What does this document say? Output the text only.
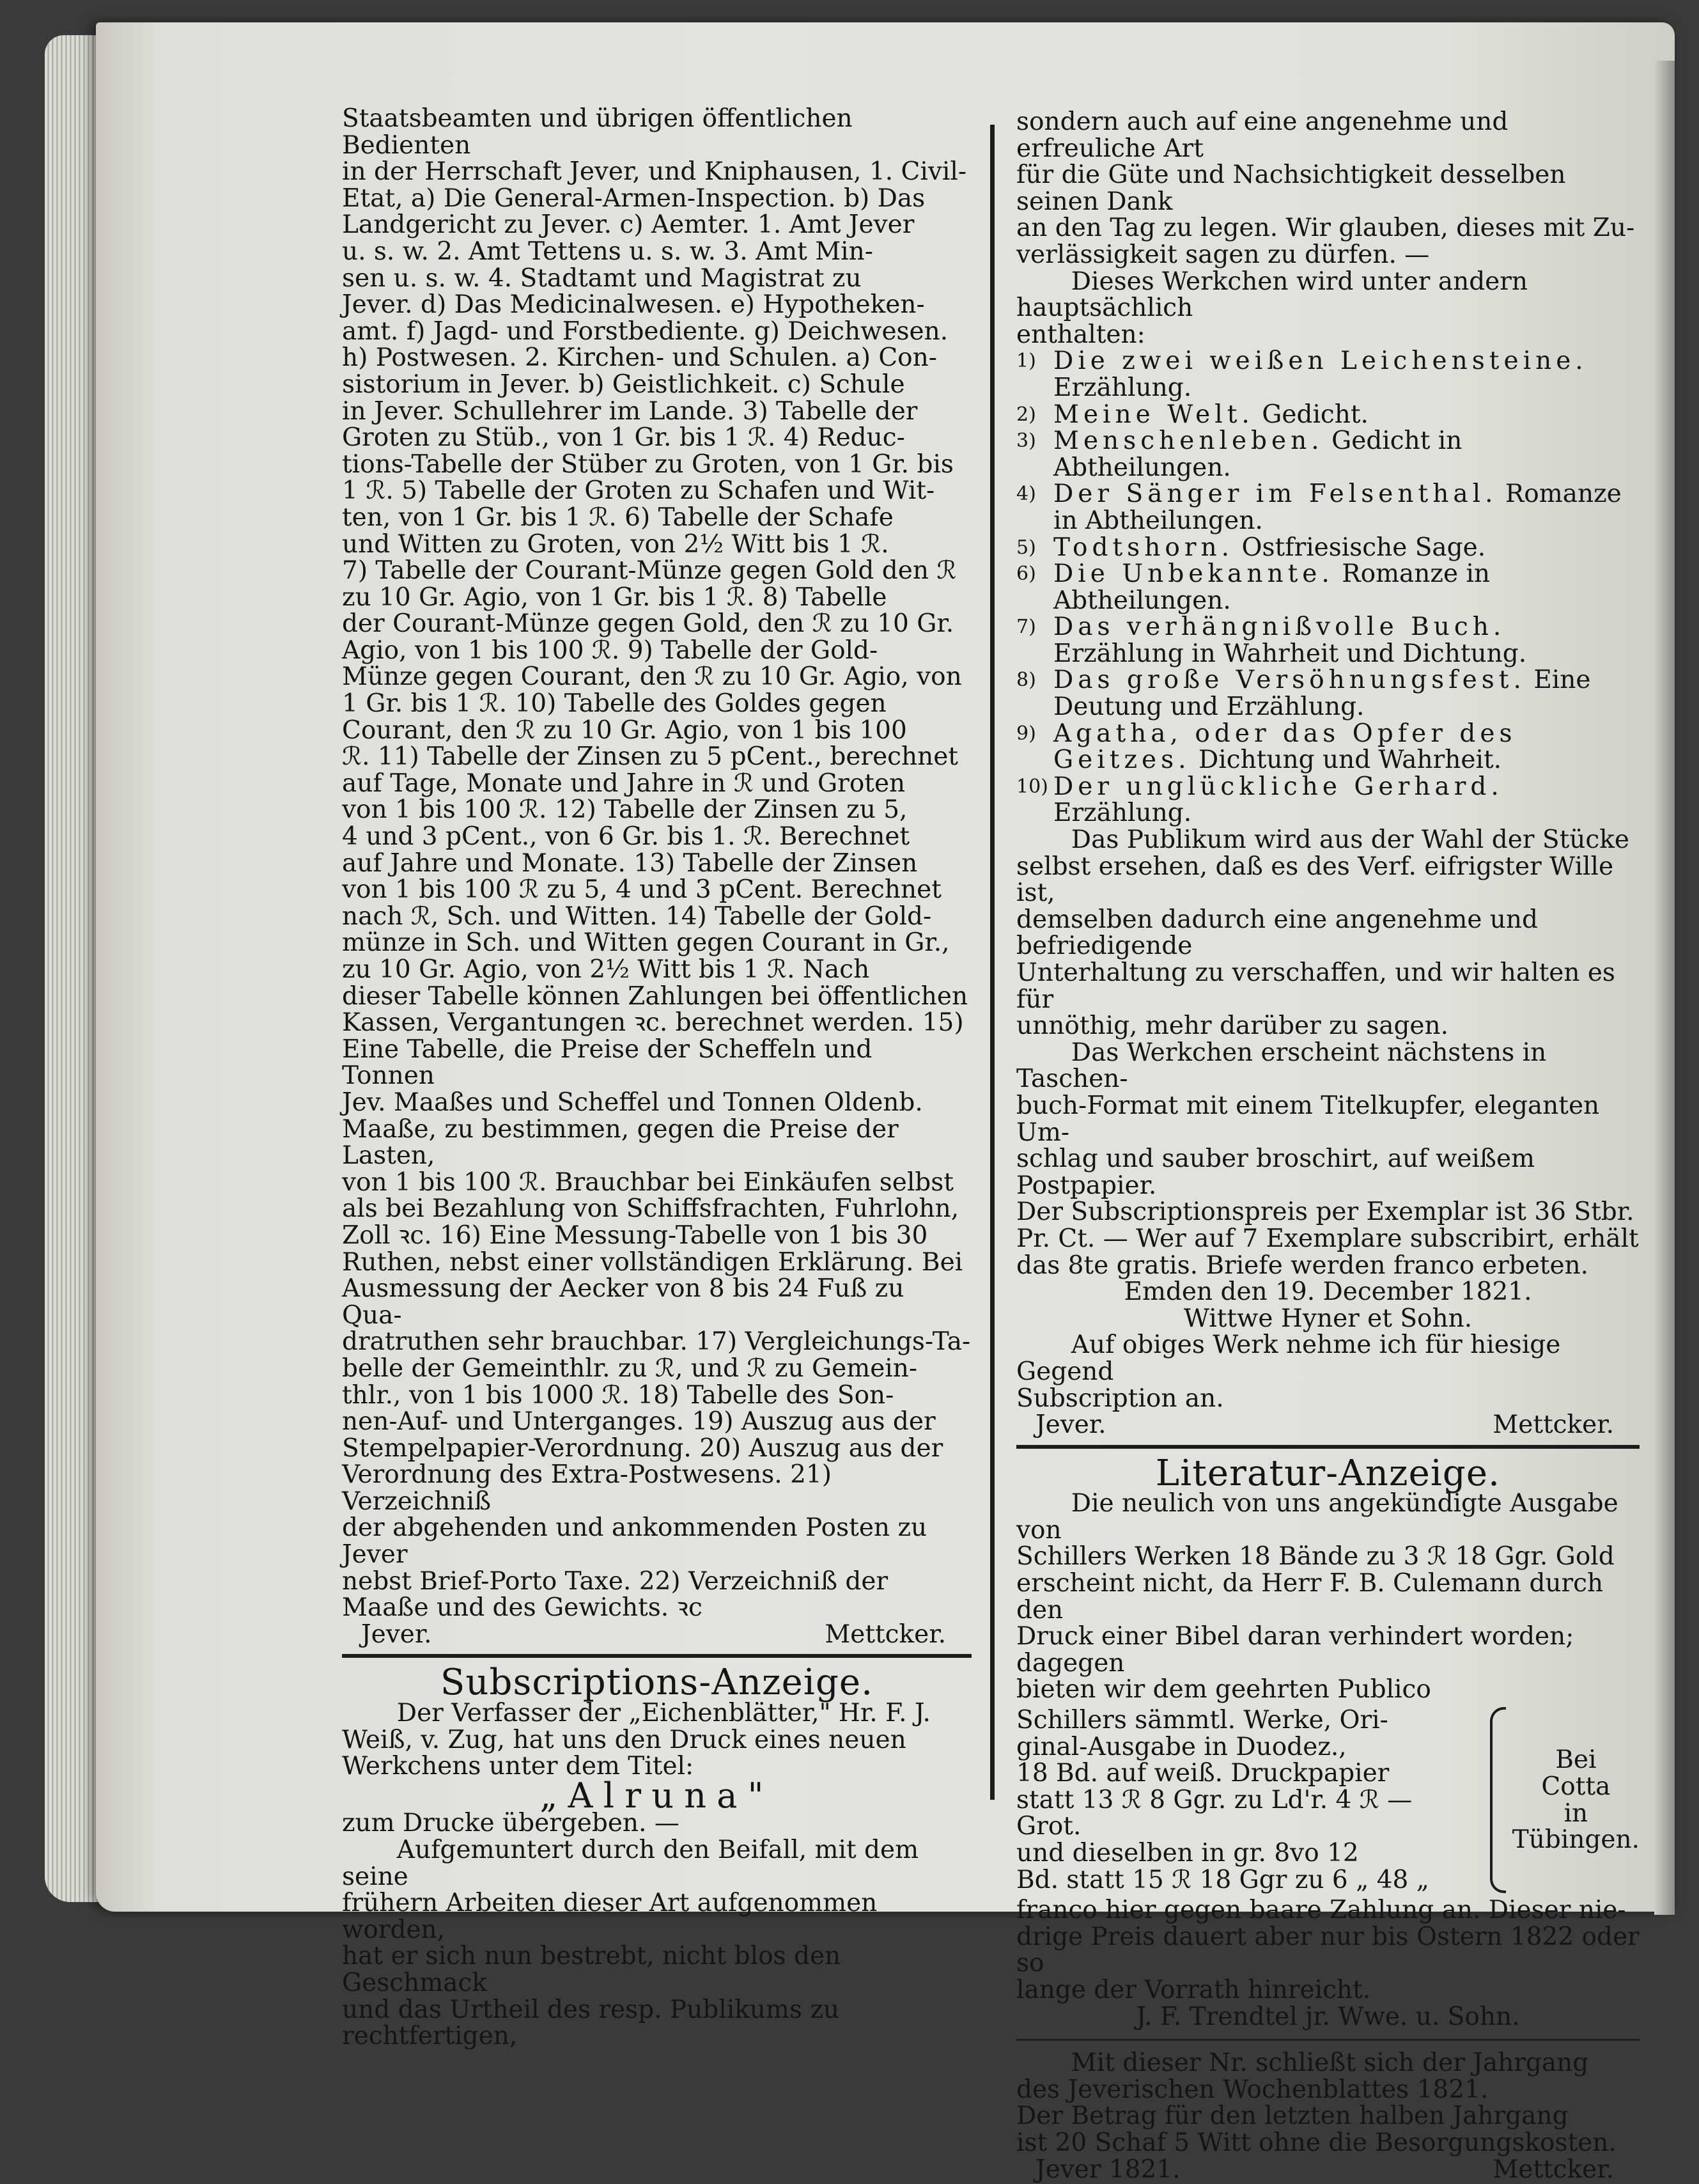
Staatsbeamten und übrigen öffentlichen Bedienten
in der Herrschaft Jever, und Kniphausen, 1. Civil-
Etat, a) Die General-Armen-Inspection. b) Das
Landgericht zu Jever. c) Aemter. 1. Amt Jever
u. s. w. 2. Amt Tettens u. s. w. 3. Amt Min-
sen u. s. w. 4. Stadtamt und Magistrat zu
Jever. d) Das Medicinalwesen. e) Hypotheken-
amt. f) Jagd- und Forstbediente. g) Deichwesen.
h) Postwesen. 2. Kirchen- und Schulen. a) Con-
sistorium in Jever. b) Geistlichkeit. c) Schule
in Jever. Schullehrer im Lande. 3) Tabelle der
Groten zu Stüb., von 1 Gr. bis 1 ℛ. 4) Reduc-
tions-Tabelle der Stüber zu Groten, von 1 Gr. bis
1 ℛ. 5) Tabelle der Groten zu Schafen und Wit-
ten, von 1 Gr. bis 1 ℛ. 6) Tabelle der Schafe
und Witten zu Groten, von 2½ Witt bis 1 ℛ.
7) Tabelle der Courant-Münze gegen Gold den ℛ
zu 10 Gr. Agio, von 1 Gr. bis 1 ℛ. 8) Tabelle
der Courant-Münze gegen Gold, den ℛ zu 10 Gr.
Agio, von 1 bis 100 ℛ. 9) Tabelle der Gold-
Münze gegen Courant, den ℛ zu 10 Gr. Agio, von
1 Gr. bis 1 ℛ. 10) Tabelle des Goldes gegen
Courant, den ℛ zu 10 Gr. Agio, von 1 bis 100
ℛ. 11) Tabelle der Zinsen zu 5 pCent., berechnet
auf Tage, Monate und Jahre in ℛ und Groten
von 1 bis 100 ℛ. 12) Tabelle der Zinsen zu 5,
4 und 3 pCent., von 6 Gr. bis 1. ℛ. Berechnet
auf Jahre und Monate. 13) Tabelle der Zinsen
von 1 bis 100 ℛ zu 5, 4 und 3 pCent. Berechnet
nach ℛ, Sch. und Witten. 14) Tabelle der Gold-
münze in Sch. und Witten gegen Courant in Gr.,
zu 10 Gr. Agio, von 2½ Witt bis 1 ℛ. Nach
dieser Tabelle können Zahlungen bei öffentlichen
Kassen, Vergantungen ꝛc. berechnet werden. 15)
Eine Tabelle, die Preise der Scheffeln und Tonnen
Jev. Maaßes und Scheffel und Tonnen Oldenb.
Maaße, zu bestimmen, gegen die Preise der Lasten,
von 1 bis 100 ℛ. Brauchbar bei Einkäufen selbst
als bei Bezahlung von Schiffsfrachten, Fuhrlohn,
Zoll ꝛc. 16) Eine Messung-Tabelle von 1 bis 30
Ruthen, nebst einer vollständigen Erklärung. Bei
Ausmessung der Aecker von 8 bis 24 Fuß zu Qua-
dratruthen sehr brauchbar. 17) Vergleichungs-Ta-
belle der Gemeinthlr. zu ℛ, und ℛ zu Gemein-
thlr., von 1 bis 1000 ℛ. 18) Tabelle des Son-
nen-Auf- und Unterganges. 19) Auszug aus der
Stempelpapier-Verordnung. 20) Auszug aus der
Verordnung des Extra-Postwesens. 21) Verzeichniß
der abgehenden und ankommenden Posten zu Jever
nebst Brief-Porto Taxe. 22) Verzeichniß der
Maaße und des Gewichts. ꝛc
Jever.	Mettcker.
Subscriptions-Anzeige.
Der Verfasser der „Eichenblätter," Hr. F. J.
Weiß, v. Zug, hat uns den Druck eines neuen
Werkchens unter dem Titel:
„Alruna"
zum Drucke übergeben. —
Aufgemuntert durch den Beifall, mit dem seine
frühern Arbeiten dieser Art aufgenommen worden,
hat er sich nun bestrebt, nicht blos den Geschmack
und das Urtheil des resp. Publikums zu rechtfertigen,
sondern auch auf eine angenehme und erfreuliche Art
für die Güte und Nachsichtigkeit desselben seinen Dank
an den Tag zu legen. Wir glauben, dieses mit Zu-
verlässigkeit sagen zu dürfen. —
Dieses Werkchen wird unter andern hauptsächlich
enthalten:
1) Die zwei weißen Leichensteine. Erzählung.
2) Meine Welt. Gedicht.
3) Menschenleben. Gedicht in Abtheilungen.
4) Der Sänger im Felsenthal. Romanze in Abtheilungen.
5) Todtshorn. Ostfriesische Sage.
6) Die Unbekannte. Romanze in Abtheilungen.
7) Das verhängnißvolle Buch. Erzählung in Wahrheit und Dichtung.
8) Das große Versöhnungsfest. Eine Deutung und Erzählung.
9) Agatha, oder das Opfer des Geitzes. Dichtung und Wahrheit.
10) Der unglückliche Gerhard. Erzählung.
Das Publikum wird aus der Wahl der Stücke
selbst ersehen, daß es des Verf. eifrigster Wille ist,
demselben dadurch eine angenehme und befriedigende
Unterhaltung zu verschaffen, und wir halten es für
unnöthig, mehr darüber zu sagen.
Das Werkchen erscheint nächstens in Taschen-
buch-Format mit einem Titelkupfer, eleganten Um-
schlag und sauber broschirt, auf weißem Postpapier.
Der Subscriptionspreis per Exemplar ist 36 Stbr.
Pr. Ct. — Wer auf 7 Exemplare subscribirt, erhält
das 8te gratis. Briefe werden franco erbeten.
Emden den 19. December 1821.
Wittwe Hyner et Sohn.
Auf obiges Werk nehme ich für hiesige Gegend
Subscription an.
Jever.	Mettcker.
Literatur-Anzeige.
Die neulich von uns angekündigte Ausgabe von
Schillers Werken 18 Bände zu 3 ℛ 18 Ggr. Gold
erscheint nicht, da Herr F. B. Culemann durch den
Druck einer Bibel daran verhindert worden; dagegen
bieten wir dem geehrten Publico
Schillers sämmtl. Werke, Ori-
ginal-Ausgabe in Duodez.,
18 Bd. auf weiß. Druckpapier
statt 13 ℛ 8 Ggr. zu Ld'r. 4 ℛ — Grot.
und dieselben in gr. 8vo 12
Bd. statt 15 ℛ 18 Ggr zu 6 „ 48 „
Bei
Cotta
in
Tübingen.
franco hier gegen baare Zahlung an. Dieser nie-
drige Preis dauert aber nur bis Ostern 1822 oder so
lange der Vorrath hinreicht.
J. F. Trendtel jr. Wwe. u. Sohn.
Mit dieser Nr. schließt sich der Jahrgang
des Jeverischen Wochenblattes 1821.
Der Betrag für den letzten halben Jahrgang
ist 20 Schaf 5 Witt ohne die Besorgungskosten.
Jever 1821.	Mettcker.
